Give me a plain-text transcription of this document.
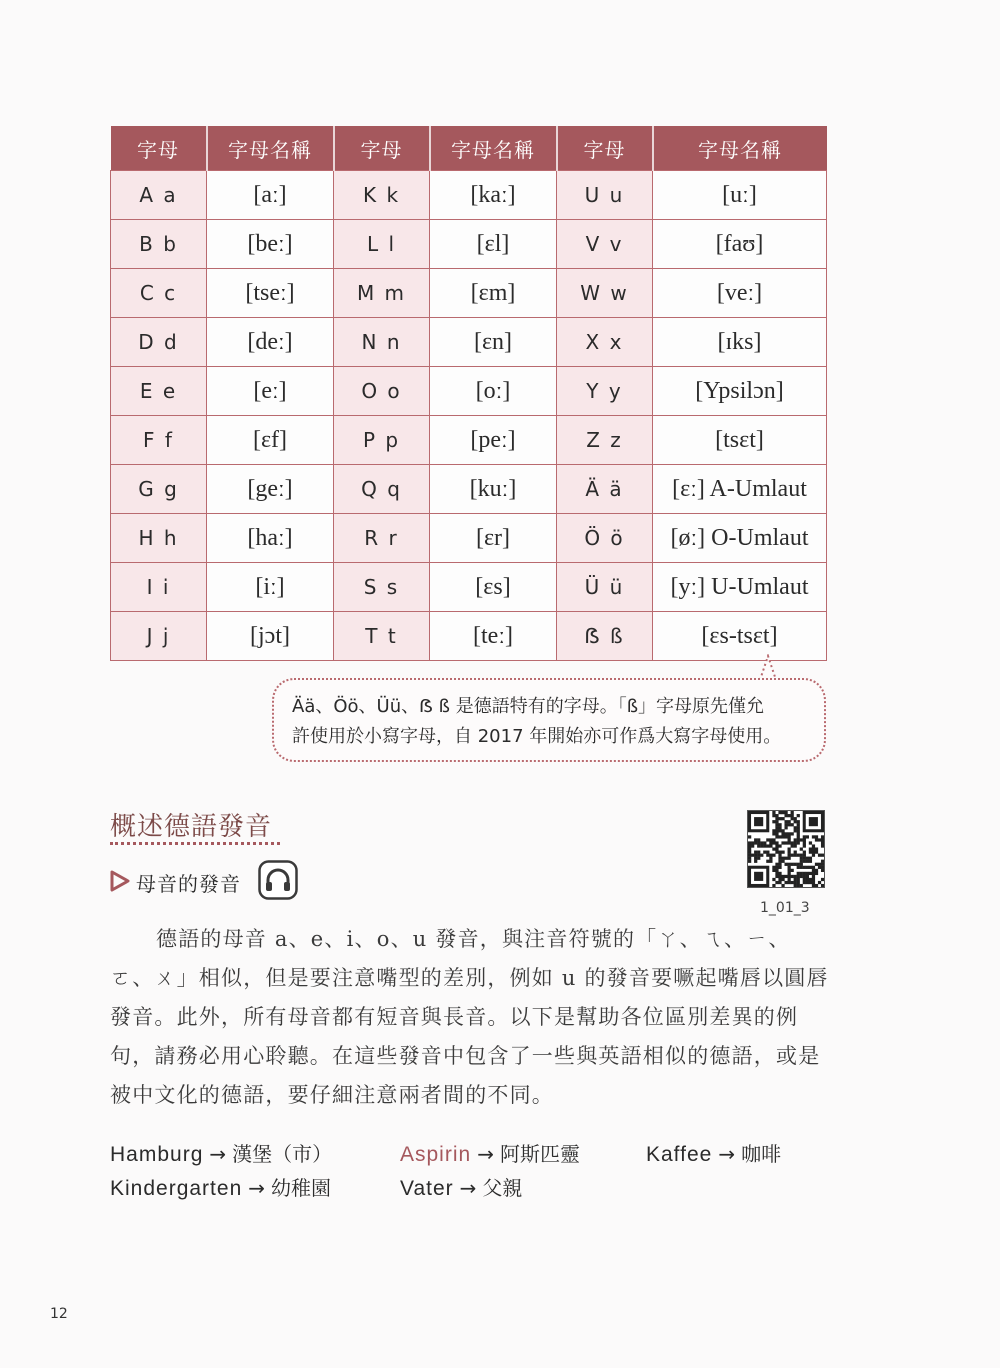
字母	字母名稱	字母	字母名稱	字母	字母名稱
A a	[aː]	K k	[kaː]	U u	[uː]
B b	[beː]	L l	[ɛl]	V v	[faʊ]
C c	[tseː]	M m	[ɛm]	W w	[veː]
D d	[deː]	N n	[ɛn]	X x	[ɪks]
E e	[eː]	O o	[oː]	Y y	[Ypsilɔn]
F f	[ɛf]	P p	[peː]	Z z	[tsɛt]
G g	[geː]	Q q	[kuː]	Ä ä	[ɛː] A-Umlaut
H h	[haː]	R r	[ɛr]	Ö ö	[øː] O-Umlaut
I i	[iː]	S s	[ɛs]	Ü ü	[yː] U-Umlaut
J j	[jɔt]	T t	[teː]	ẞ ß	[ɛs-tsɛt]
Ää、Öö、Üü、ẞ ß 是德語特有的字母。「ß」字母原先僅允
許使用於小寫字母，自 2017 年開始亦可作爲大寫字母使用。
概述德語發音
母音的發音
1_01_3

德語的母音 a、e、i、o、u 發音，與注音符號的「ㄚ、ㄟ、ㄧ、ㄛ、ㄨ」相似，但是要注意嘴型的差別，例如 u 的發音要噘起嘴唇以圓唇發音。此外，所有母音都有短音與長音。以下是幫助各位區別差異的例句，請務必用心聆聽。在這些發音中包含了一些與英語相似的德語，或是被中文化的德語，要仔細注意兩者間的不同。

Hamburg → 漢堡（市）	Aspirin → 阿斯匹靈	Kaffee → 咖啡
Kindergarten → 幼稚園	Vater → 父親
12
